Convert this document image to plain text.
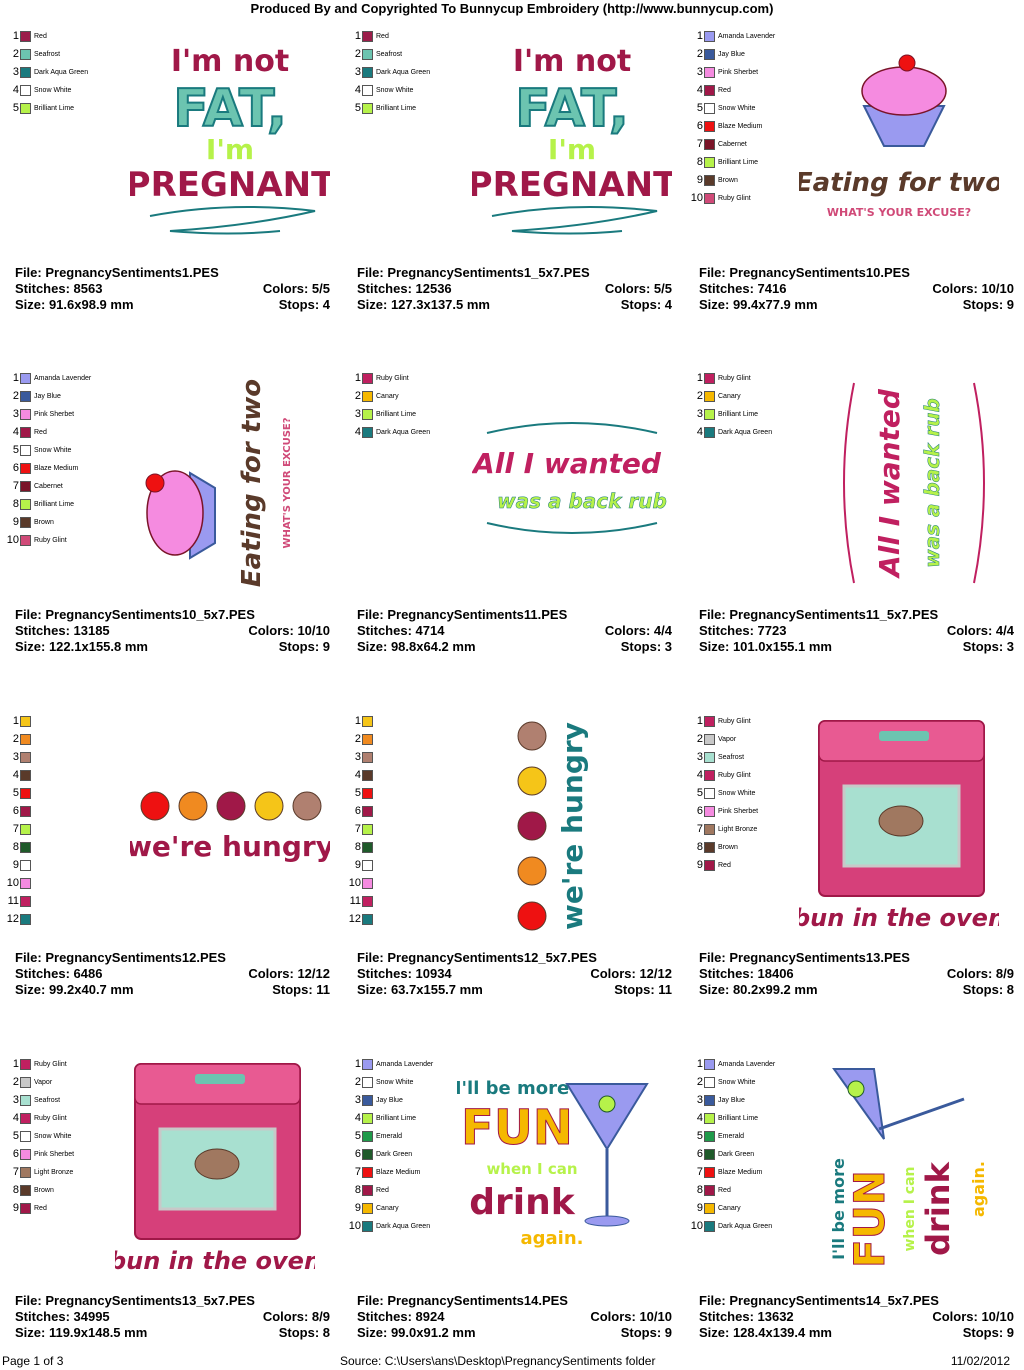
Produced By and Copyrighted To Bunnycup Embroidery (http://www.bunnycup.com)
1 Red
2 Seafrost
3 Dark Aqua Green
4 Snow White
5 Brilliant Lime
I'm not
FAT,
I'm
PREGNANT
File: PregnancySentiments1.PES
Stitches: 8563	Colors: 5/5
Size: 91.6x98.9 mm	Stops: 4
1 Red
2 Seafrost
3 Dark Aqua Green
4 Snow White
5 Brilliant Lime
I'm not
FAT,
I'm
PREGNANT
File: PregnancySentiments1_5x7.PES
Stitches: 12536	Colors: 5/5
Size: 127.3x137.5 mm	Stops: 4
1 Amanda Lavender
2 Jay Blue
3 Pink Sherbet
4 Red
5 Snow White
6 Blaze Medium
7 Cabernet
8 Brilliant Lime
9 Brown
10 Ruby Glint Eating for two
WHAT'S YOUR EXCUSE?
File: PregnancySentiments10.PES
Stitches: 7416	Colors: 10/10
Size: 99.4x77.9 mm	Stops: 9
1 Amanda Lavender
2 Jay Blue
3 Pink Sherbet
4 Red
5 Snow White
6 Blaze Medium
7 Cabernet
8 Brilliant Lime
9 Brown
10 Ruby Glint	Eating for two WHAT'S YOUR EXCUSE?
File: PregnancySentiments10_5x7.PES
Stitches: 13185	Colors: 10/10
Size: 122.1x155.8 mm	Stops: 9
1 Ruby Glint
2 Canary
3 Brilliant Lime
4 Dark Aqua Green
All I wanted
was a back rub
File: PregnancySentiments11.PES
Stitches: 4714	Colors: 4/4
Size: 98.8x64.2 mm	Stops: 3
1 Ruby Glint
2 Canary
3 Brilliant Lime
4 Dark Aqua Green	All I wanted was a back rub
File: PregnancySentiments11_5x7.PES
Stitches: 7723	Colors: 4/4
Size: 101.0x155.1 mm	Stops: 3
1
2
3
4
5
6
7
8
9
10
11
12
we're hungry
File: PregnancySentiments12.PES
Stitches: 6486	Colors: 12/12
Size: 99.2x40.7 mm	Stops: 11
1
2
3
4
5
6
7
8
9
10
11
12	we're hungry
File: PregnancySentiments12_5x7.PES
Stitches: 10934	Colors: 12/12
Size: 63.7x155.7 mm	Stops: 11
1 Ruby Glint
2 Vapor
3 Seafrost
4 Ruby Glint
5 Snow White
6 Pink Sherbet
7 Light Bronze
8 Brown
9 Red
bun in the oven
File: PregnancySentiments13.PES
Stitches: 18406	Colors: 8/9
Size: 80.2x99.2 mm	Stops: 8
1 Ruby Glint
2 Vapor
3 Seafrost
4 Ruby Glint
5 Snow White
6 Pink Sherbet
7 Light Bronze
8 Brown
9 Red
bun in the oven
File: PregnancySentiments13_5x7.PES
Stitches: 34995	Colors: 8/9
Size: 119.9x148.5 mm	Stops: 8
1 Amanda Lavender
2 Snow White
3 Jay Blue
4 Brilliant Lime
5 Emerald
6 Dark Green
7 Blaze Medium
8 Red
9 Canary
10 Dark Aqua Green
I'll be more
FUN
when I can
drink
again.
File: PregnancySentiments14.PES
Stitches: 8924	Colors: 10/10
Size: 99.0x91.2 mm	Stops: 9
1 Amanda Lavender
2 Snow White
3 Jay Blue
4 Brilliant Lime
5 Emerald
6 Dark Green
7 Blaze Medium
8 Red
9 Canary
10 Dark Aqua Green	I'll be more
FUN when I can drink again.
File: PregnancySentiments14_5x7.PES
Stitches: 13632	Colors: 10/10
Size: 128.4x139.4 mm	Stops: 9
Page 1 of 3	Source: C:\Users\ans\Desktop\PregnancySentiments folder	11/02/2012
